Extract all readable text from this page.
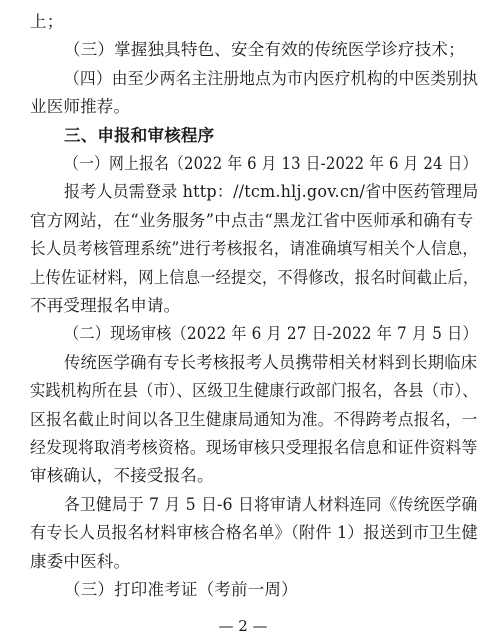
上；
（三）掌握独具特色、安全有效的传统医学诊疗技术；
（四）由至少两名主注册地点为市内医疗机构的中医类别执
业医师推荐。
三、申报和审核程序
（一）网上报名（2022 年 6 月 13 日-2022 年 6 月 24 日）
报考人员需登录 http：//tcm.hlj.gov.cn/省中医药管理局
官方网站，在“业务服务”中点击“黑龙江省中医师承和确有专
长人员考核管理系统”进行考核报名，请准确填写相关个人信息，
上传佐证材料，网上信息一经提交，不得修改，报名时间截止后，
不再受理报名申请。
（二）现场审核（2022 年 6 月 27 日-2022 年 7 月 5 日）
传统医学确有专长考核报考人员携带相关材料到长期临床
实践机构所在县（市）、区级卫生健康行政部门报名，各县（市）、
区报名截止时间以各卫生健康局通知为准。不得跨考点报名，一
经发现将取消考核资格。现场审核只受理报名信息和证件资料等
审核确认，不接受报名。
各卫健局于 7 月 5 日-6 日将审请人材料连同《传统医学确
有专长人员报名材料审核合格名单》（附件 1）报送到市卫生健
康委中医科。
（三）打印准考证（考前一周）
— 2 —
